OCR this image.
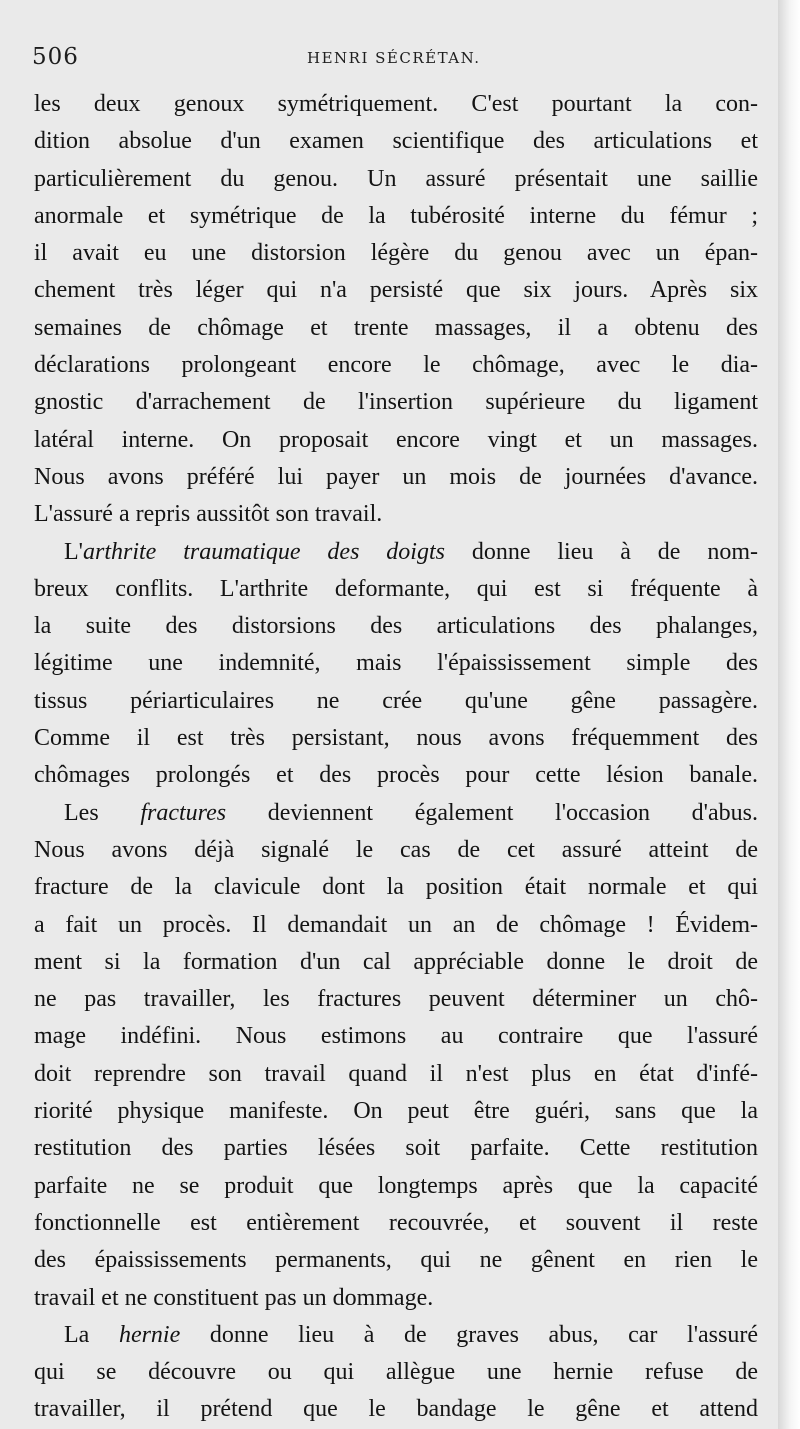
506	HENRI SÉCRÉTAN.
les deux genoux symétriquement. C'est pourtant la con-
dition absolue d'un examen scientifique des articulations et
particulièrement du genou. Un assuré présentait une saillie
anormale et symétrique de la tubérosité interne du fémur ;
il avait eu une distorsion légère du genou avec un épan-
chement très léger qui n'a persisté que six jours. Après six
semaines de chômage et trente massages, il a obtenu des
déclarations prolongeant encore le chômage, avec le dia-
gnostic d'arrachement de l'insertion supérieure du ligament
latéral interne. On proposait encore vingt et un massages.
Nous avons préféré lui payer un mois de journées d'avance.
L'assuré a repris aussitôt son travail.
L'arthrite traumatique des doigts donne lieu à de nom-
breux conflits. L'arthrite deformante, qui est si fréquente à
la suite des distorsions des articulations des phalanges,
légitime une indemnité, mais l'épaississement simple des
tissus périarticulaires ne crée qu'une gêne passagère.
Comme il est très persistant, nous avons fréquemment des
chômages prolongés et des procès pour cette lésion banale.
Les fractures deviennent également l'occasion d'abus.
Nous avons déjà signalé le cas de cet assuré atteint de
fracture de la clavicule dont la position était normale et qui
a fait un procès. Il demandait un an de chômage ! Évidem-
ment si la formation d'un cal appréciable donne le droit de
ne pas travailler, les fractures peuvent déterminer un chô-
mage indéfini. Nous estimons au contraire que l'assuré
doit reprendre son travail quand il n'est plus en état d'infé-
riorité physique manifeste. On peut être guéri, sans que la
restitution des parties lésées soit parfaite. Cette restitution
parfaite ne se produit que longtemps après que la capacité
fonctionnelle est entièrement recouvrée, et souvent il reste
des épaississements permanents, qui ne gênent en rien le
travail et ne constituent pas un dommage.
La hernie donne lieu à de graves abus, car l'assuré
qui se découvre ou qui allègue une hernie refuse de
travailler, il prétend que le bandage le gêne et attend
